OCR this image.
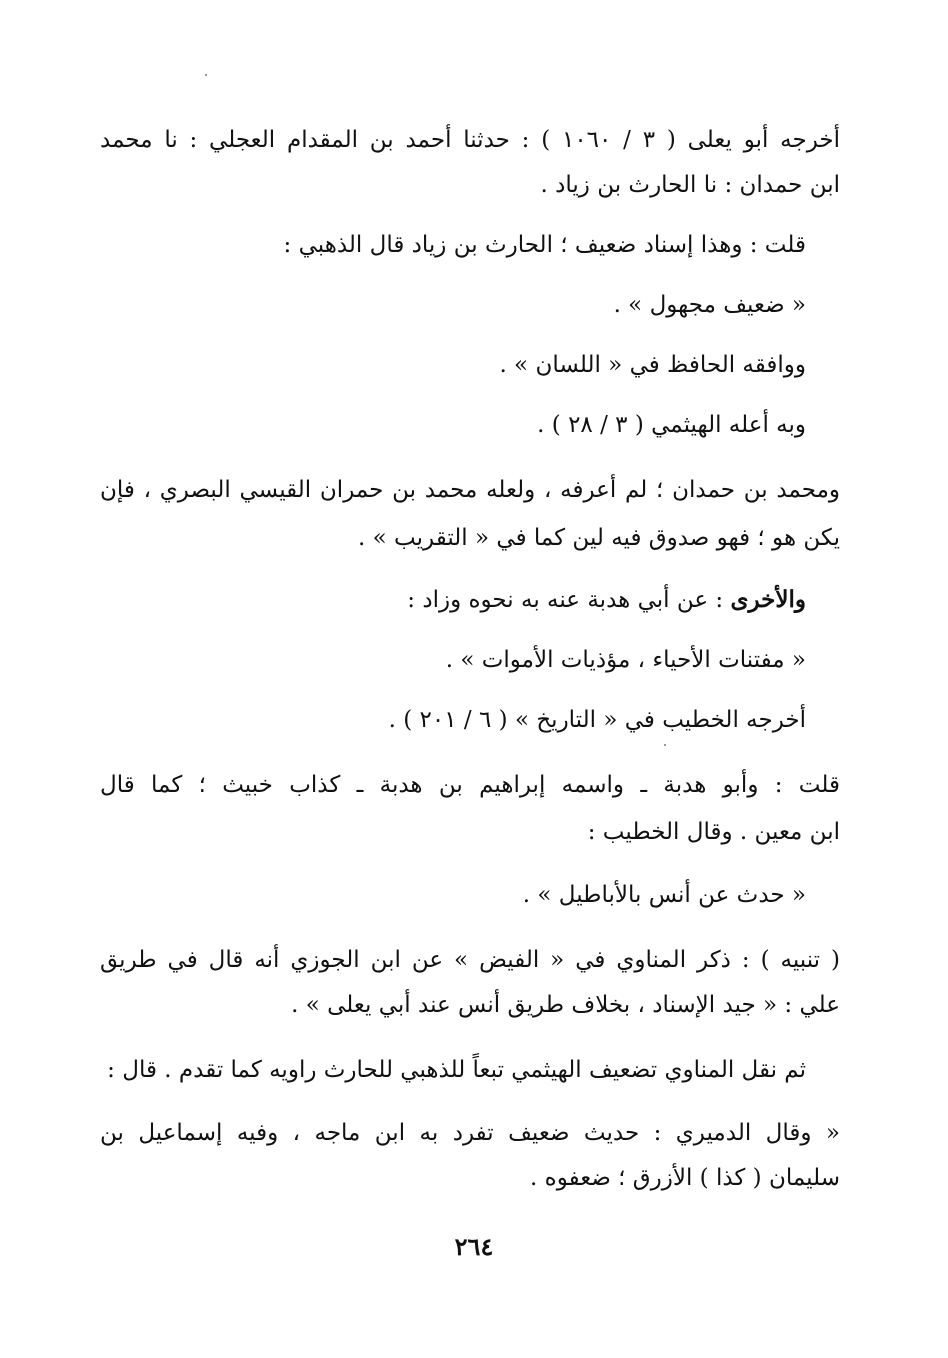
أخرجه أبو يعلى ( ٣ / ١٠٦٠ ) : حدثنا أحمد بن المقدام العجلي : نا محمد
ابن حمدان : نا الحارث بن زياد .
قلت : وهذا إسناد ضعيف ؛ الحارث بن زياد قال الذهبي :
« ضعيف مجهول » .
ووافقه الحافظ في « اللسان » .
وبه أعله الهيثمي ( ٣ / ٢٨ ) .
ومحمد بن حمدان ؛ لم أعرفه ، ولعله محمد بن حمران القيسي البصري ، فإن
يكن هو ؛ فهو صدوق فيه لين كما في « التقريب » .
والأخرى : عن أبي هدبة عنه به نحوه وزاد :
« مفتنات الأحياء ، مؤذيات الأموات » .
أخرجه الخطيب في « التاريخ » ( ٦ / ٢٠١ ) .
قلت : وأبو هدبة ـ واسمه إبراهيم بن هدبة ـ كذاب خبيث ؛ كما قال
ابن معين . وقال الخطيب :
« حدث عن أنس بالأباطيل » .
( تنبيه ) : ذكر المناوي في « الفيض » عن ابن الجوزي أنه قال في طريق
علي : « جيد الإسناد ، بخلاف طريق أنس عند أبي يعلى » .
ثم نقل المناوي تضعيف الهيثمي تبعاً للذهبي للحارث راويه كما تقدم . قال :
« وقال الدميري : حديث ضعيف تفرد به ابن ماجه ، وفيه إسماعيل بن
سليمان ( كذا ) الأزرق ؛ ضعفوه .
٢٦٤
